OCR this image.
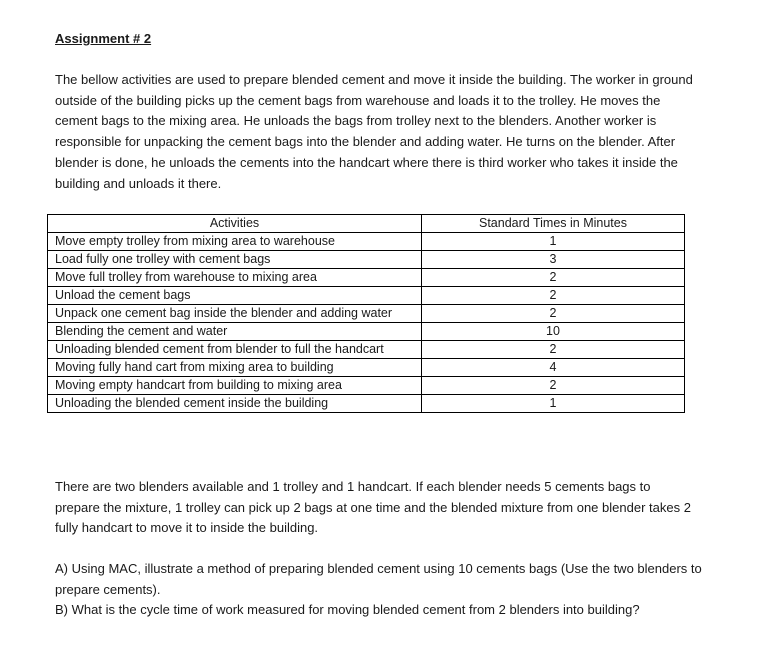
Assignment # 2

The bellow activities are used to prepare blended cement and move it inside the building. The worker in ground outside of the building picks up the cement bags from warehouse and loads it to the trolley. He moves the cement bags to the mixing area. He unloads the bags from trolley next to the blenders. Another worker is responsible for unpacking the cement bags into the blender and adding water. He turns on the blender. After blender is done, he unloads the cements into the handcart where there is third worker who takes it inside the building and unloads it there.

Activities	Standard Times in Minutes
Move empty trolley from mixing area to warehouse	1
Load fully one trolley with cement bags	3
Move full trolley from warehouse to mixing area	2
Unload the cement bags	2
Unpack one cement bag inside the blender and adding water	2
Blending the cement and water	10
Unloading blended cement from blender to full the handcart	2
Moving fully hand cart from mixing area to building	4
Moving empty handcart from building to mixing area	2
Unloading the blended cement inside the building	1

There are two blenders available and 1 trolley and 1 handcart. If each blender needs 5 cements bags to prepare the mixture, 1 trolley can pick up 2 bags at one time and the blended mixture from one blender takes 2 fully handcart to move it to inside the building.

A) Using MAC, illustrate a method of preparing blended cement using 10 cements bags (Use the two blenders to prepare cements).

B) What is the cycle time of work measured for moving blended cement from 2 blenders into building?
